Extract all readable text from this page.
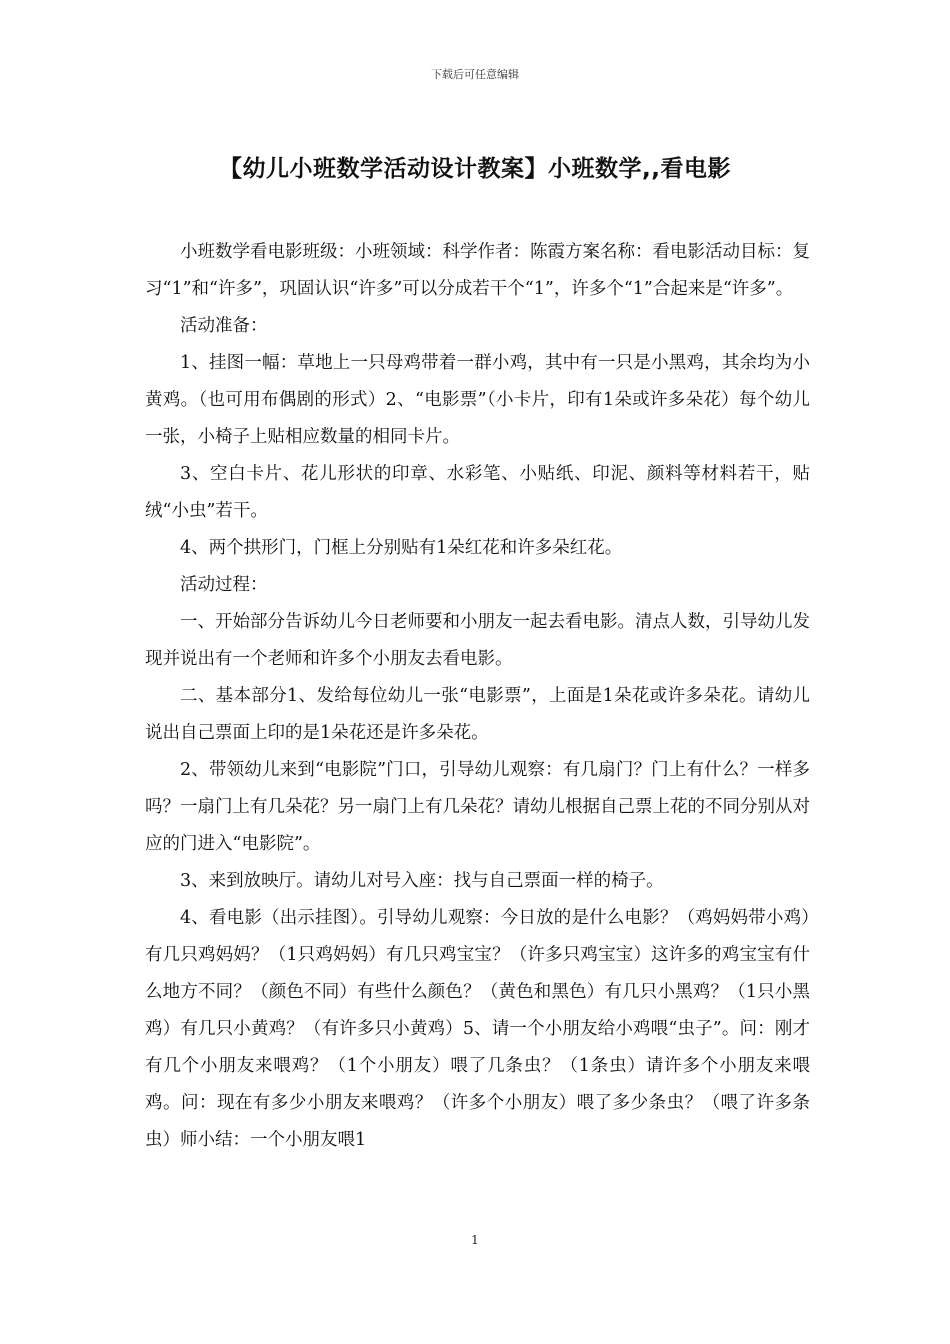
下载后可任意编辑
【幼儿小班数学活动设计教案】小班数学,,看电影

小班数学看电影班级：小班领域：科学作者：陈霞方案名称：看电影活动目标：复习“1”和“许多”，巩固认识“许多”可以分成若干个“1”，许多个“1”合起来是“许多”。

活动准备：

1、挂图一幅：草地上一只母鸡带着一群小鸡，其中有一只是小黑鸡，其余均为小黄鸡。（也可用布偶剧的形式）2、“电影票”（小卡片，印有1朵或许多朵花）每个幼儿一张，小椅子上贴相应数量的相同卡片。

3、空白卡片、花儿形状的印章、水彩笔、小贴纸、印泥、颜料等材料若干，贴绒“小虫”若干。

4、两个拱形门，门框上分别贴有1朵红花和许多朵红花。

活动过程：

一、开始部分告诉幼儿今日老师要和小朋友一起去看电影。清点人数，引导幼儿发现并说出有一个老师和许多个小朋友去看电影。

二、基本部分1、发给每位幼儿一张“电影票”，上面是1朵花或许多朵花。请幼儿说出自己票面上印的是1朵花还是许多朵花。

2、带领幼儿来到“电影院”门口，引导幼儿观察：有几扇门？门上有什么？一样多吗？一扇门上有几朵花？另一扇门上有几朵花？请幼儿根据自己票上花的不同分别从对应的门进入“电影院”。

3、来到放映厅。请幼儿对号入座：找与自己票面一样的椅子。

4、看电影（出示挂图）。引导幼儿观察：今日放的是什么电影？（鸡妈妈带小鸡）有几只鸡妈妈？（1只鸡妈妈）有几只鸡宝宝？（许多只鸡宝宝）这许多的鸡宝宝有什么地方不同？（颜色不同）有些什么颜色？（黄色和黑色）有几只小黑鸡？（1只小黑鸡）有几只小黄鸡？（有许多只小黄鸡）5、请一个小朋友给小鸡喂“虫子”。问：刚才有几个小朋友来喂鸡？（1个小朋友）喂了几条虫？（1条虫）请许多个小朋友来喂鸡。问：现在有多少小朋友来喂鸡？（许多个小朋友）喂了多少条虫？（喂了许多条虫）师小结：一个小朋友喂1

1
